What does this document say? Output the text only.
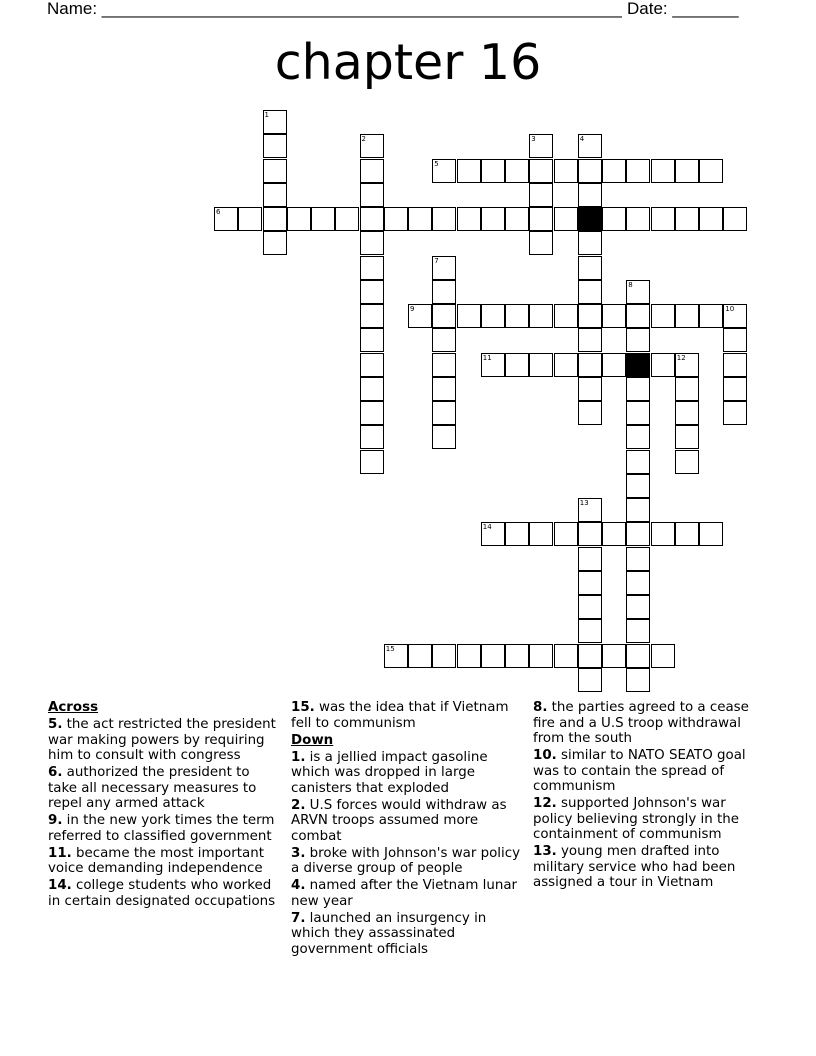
Name: _______________________________________________________ Date: _______
chapter 16
1
2	3	4
5
6
7
8
9	10
11	12
13
14
15

Across

5. the act restricted the president war making powers by requiring him to consult with congress

6. authorized the president to take all necessary measures to repel any armed attack

9. in the new york times the term referred to classified government

11. became the most important voice demanding independence

14. college students who worked in certain designated occupations

15. was the idea that if Vietnam fell to communism

Down

1. is a jellied impact gasoline which was dropped in large canisters that exploded

2. U.S forces would withdraw as ARVN troops assumed more combat

3. broke with Johnson's war policy a diverse group of people

4. named after the Vietnam lunar new year

7. launched an insurgency in which they assassinated government officials

8. the parties agreed to a cease fire and a U.S troop withdrawal from the south

10. similar to NATO SEATO goal was to contain the spread of communism

12. supported Johnson's war policy believing strongly in the containment of communism

13. young men drafted into military service who had been assigned a tour in Vietnam
